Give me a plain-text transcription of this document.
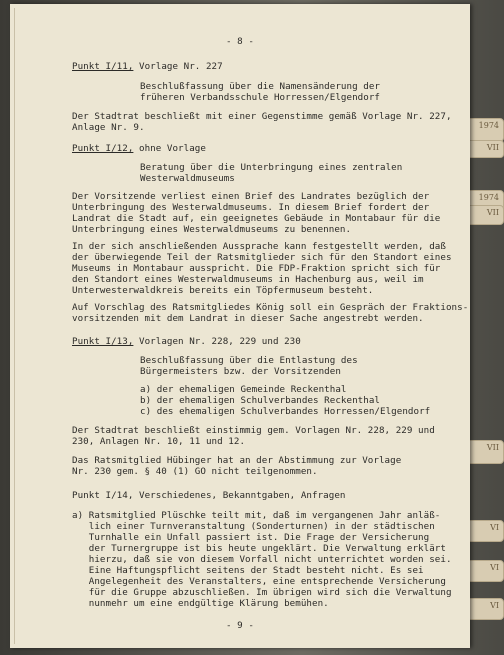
1974
VII
1974
VII
VII
VI
VI
VI
- 8 -
Punkt I/11, Vorlage Nr. 227
Beschlußfassung über die Namensänderung der
früheren Verbandsschule Horressen/Elgendorf
Der Stadtrat beschließt mit einer Gegenstimme gemäß Vorlage Nr. 227,
Anlage Nr. 9.
Punkt I/12, ohne Vorlage
Beratung über die Unterbringung eines zentralen
Westerwaldmuseums
Der Vorsitzende verliest einen Brief des Landrates bezüglich der
Unterbringung des Westerwaldmuseums. In diesem Brief fordert der
Landrat die Stadt auf, ein geeignetes Gebäude in Montabaur für die
Unterbringung eines Westerwaldmuseums zu benennen.
In der sich anschließenden Aussprache kann festgestellt werden, daß
der überwiegende Teil der Ratsmitglieder sich für den Standort eines
Museums in Montabaur ausspricht. Die FDP-Fraktion spricht sich für
den Standort eines Westerwaldmuseums in Hachenburg aus, weil im
Unterwesterwaldkreis bereits ein Töpfermuseum besteht.
Auf Vorschlag des Ratsmitgliedes König soll ein Gespräch der Fraktions-
vorsitzenden mit dem Landrat in dieser Sache angestrebt werden.
Punkt I/13, Vorlagen Nr. 228, 229 und 230
Beschlußfassung über die Entlastung des
Bürgermeisters bzw. der Vorsitzenden
a) der ehemaligen Gemeinde Reckenthal
b) der ehemaligen Schulverbandes Reckenthal
c) des ehemaligen Schulverbandes Horressen/Elgendorf
Der Stadtrat beschließt einstimmig gem. Vorlagen Nr. 228, 229 und
230, Anlagen Nr. 10, 11 und 12.
Das Ratsmitglied Hübinger hat an der Abstimmung zur Vorlage
Nr. 230 gem. § 40 (1) GO nicht teilgenommen.
Punkt I/14, Verschiedenes, Bekanntgaben, Anfragen
a) Ratsmitglied Plüschke teilt mit, daß im vergangenen Jahr anläß-
lich einer Turnveranstaltung (Sonderturnen) in der städtischen
Turnhalle ein Unfall passiert ist. Die Frage der Versicherung
der Turnergruppe ist bis heute ungeklärt. Die Verwaltung erklärt
hierzu, daß sie von diesem Vorfall nicht unterrichtet worden sei.
Eine Haftungspflicht seitens der Stadt besteht nicht. Es sei
Angelegenheit des Veranstalters, eine entsprechende Versicherung
für die Gruppe abzuschließen. Im übrigen wird sich die Verwaltung
nunmehr um eine endgültige Klärung bemühen.
- 9 -
